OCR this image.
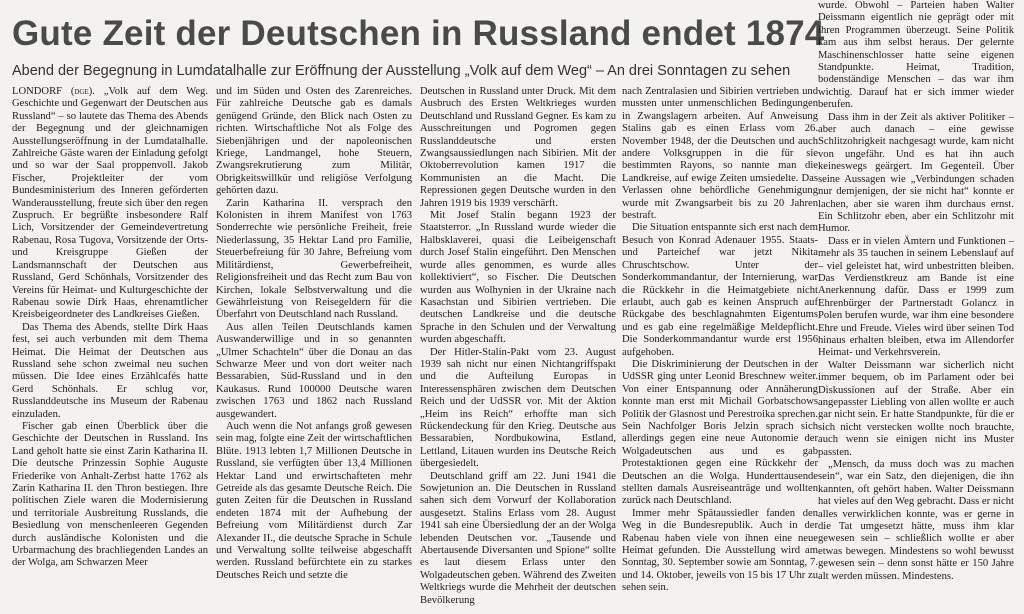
Gute Zeit der Deutschen in Russland endet 1874
Abend der Begegnung in Lumdatalhalle zur Eröffnung der Ausstellung „Volk auf dem Weg“ – An drei Sonntagen zu sehen

LONDORF (dge). „Volk auf dem Weg. Geschichte und Gegenwart der Deutschen aus Russland“ – so lautete das Thema des Abends der Begegnung und der gleichnamigen Ausstellungseröffnung in der Lumdatalhalle. Zahlreiche Gäste waren der Einladung gefolgt und so war der Saal proppenvoll. Jakob Fischer, Projektleiter der vom Bundesministerium des Inneren geförderten Wanderausstellung, freute sich über den regen Zuspruch. Er begrüßte insbesondere Ralf Lich, Vorsitzender der Gemeindevertretung Rabenau, Rosa Tugova, Vorsitzende der Orts- und Kreisgruppe Gießen der Landsmannschaft der Deutschen aus Russland, Gerd Schönhals, Vorsitzender des Vereins für Heimat- und Kulturgeschichte der Rabenau sowie Dirk Haas, ehrenamtlicher Kreisbeigeordneter des Landkreises Gießen.

Das Thema des Abends, stellte Dirk Haas fest, sei auch verbunden mit dem Thema Heimat. Die Heimat der Deutschen aus Russland sehe schon zweimal neu suchen müssen. Die Idee eines Erzählcafés hatte Gerd Schönhals. Er schlug vor, Russlanddeutsche ins Museum der Rabenau einzuladen.

Fischer gab einen Überblick über die Geschichte der Deutschen in Russland. Ins Land geholt hatte sie einst Zarin Katharina II. Die deutsche Prinzessin Sophie Auguste Friederike von Anhalt-Zerbst hatte 1762 als Zarin Katharina II. den Thron bestiegen. Ihre politischen Ziele waren die Modernisierung und territoriale Ausbreitung Russlands, die Besiedlung von menschenleeren Gegenden durch ausländische Kolonisten und die Urbarmachung des brachliegenden Landes an der Wolga, am Schwarzen Meer

und im Süden und Osten des Zarenreiches. Für zahlreiche Deutsche gab es damals genügend Gründe, den Blick nach Osten zu richten. Wirtschaftliche Not als Folge des Siebenjährigen und der napoleonischen Kriege, Landmangel, hohe Steuern, Zwangsrekrutierung zum Militär, Obrigkeitswillkür und religiöse Verfolgung gehörten dazu.

Zarin Katharina II. versprach den Kolonisten in ihrem Manifest von 1763 Sonderrechte wie persönliche Freiheit, freie Niederlassung, 35 Hektar Land pro Familie, Steuerbefreiung für 30 Jahre, Befreiung vom Militärdienst, Gewerbefreiheit, Religionsfreiheit und das Recht zum Bau von Kirchen, lokale Selbstverwaltung und die Gewährleistung von Reisegeldern für die Überfahrt von Deutschland nach Russland.

Aus allen Teilen Deutschlands kamen Auswanderwillige und in so genannten „Ulmer Schachteln“ über die Donau an das Schwarze Meer und von dort weiter nach Bessarabien, Süd-Russland und in den Kaukasus. Rund 100000 Deutsche waren zwischen 1763 und 1862 nach Russland ausgewandert.

Auch wenn die Not anfangs groß gewesen sein mag, folgte eine Zeit der wirtschaftlichen Blüte. 1913 lebten 1,7 Millionen Deutsche in Russland, sie verfügten über 13,4 Millionen Hektar Land und erwirtschafteten mehr Getreide als das gesamte Deutsche Reich. Die guten Zeiten für die Deutschen in Russland endeten 1874 mit der Aufhebung der Befreiung vom Militärdienst durch Zar Alexander II., die deutsche Sprache in Schule und Verwaltung sollte teilweise abgeschafft werden. Russland befürchtete ein zu starkes Deutsches Reich und setzte die

Deutschen in Russland unter Druck. Mit dem Ausbruch des Ersten Weltkrieges wurden Deutschland und Russland Gegner. Es kam zu Ausschreitungen und Pogromen gegen Russlanddeutsche und ersten Zwangsaussiedlungen nach Sibirien. Mit der Oktoberrevolution kamen 1917 die Kommunisten an die Macht. Die Repressionen gegen Deutsche wurden in den Jahren 1919 bis 1939 verschärft.

Mit Josef Stalin begann 1923 der Staatsterror. „In Russland wurde wieder die Halbsklaverei, quasi die Leibeigenschaft durch Josef Stalin eingeführt. Den Menschen wurde alles genommen, es wurde alles kollektiviert“, so Fischer. Die Deutschen wurden aus Wolhynien in der Ukraine nach Kasachstan und Sibirien vertrieben. Die deutschen Landkreise und die deutsche Sprache in den Schulen und der Verwaltung wurden abgeschafft.

Der Hitler-Stalin-Pakt vom 23. August 1939 sah nicht nur einen Nichtangriffspakt und die Aufteilung Europas in Interessensphären zwischen dem Deutschen Reich und der UdSSR vor. Mit der Aktion „Heim ins Reich“ erhoffte man sich Rückendeckung für den Krieg. Deutsche aus Bessarabien, Nordbukowina, Estland, Lettland, Litauen wurden ins Deutsche Reich übergesiedelt.

Deutschland griff am 22. Juni 1941 die Sowjetunion an. Die Deutschen in Russland sahen sich dem Vorwurf der Kollaboration ausgesetzt. Stalins Erlass vom 28. August 1941 sah eine Übersiedlung der an der Wolga lebenden Deutschen vor. „Tausende und Abertausende Diversanten und Spione“ sollte es laut diesem Erlass unter den Wolgadeutschen geben. Während des Zweiten Weltkriegs wurde die Mehrheit der deutschen Bevölkerung

nach Zentralasien und Sibirien vertrieben und mussten unter unmenschlichen Bedingungen in Zwangslagern arbeiten. Auf Anweisung Stalins gab es einen Erlass vom 26. November 1948, der die Deutschen und auch andere Volksgruppen in die für sie bestimmten Rayons, so nannte man die Landkreise, auf ewige Zeiten umsiedelte. Das Verlassen ohne behördliche Genehmigung wurde mit Zwangsarbeit bis zu 20 Jahren bestraft.

Die Situation entspannte sich erst nach dem Besuch von Konrad Adenauer 1955. Staats- und Parteichef war jetzt Nikita Chruschtschow. Unter der Sonderkommandantur, der Internierung, war die Rückkehr in die Heimatgebiete nicht erlaubt, auch gab es keinen Anspruch auf Rückgabe des beschlagnahmten Eigentums und es gab eine regelmäßige Meldepflicht. Die Sonderkommandantur wurde erst 1956 aufgehoben.

Die Diskriminierung der Deutschen in der UdSSR ging unter Leonid Breschnew weiter. Von einer Entspannung oder Annäherung konnte man erst mit Michail Gorbatschows Politik der Glasnost und Perestroika sprechen. Sein Nachfolger Boris Jelzin sprach sich allerdings gegen eine neue Autonomie der Wolgadeutschen aus und es gab Protestaktionen gegen eine Rückkehr der Deutschen an die Wolga. Hunderttausende stellten damals Ausreiseanträge und wollten zurück nach Deutschland.

Immer mehr Spätaussiedler fanden den Weg in die Bundesrepublik. Auch in der Rabenau haben viele von ihnen eine neue Heimat gefunden. Die Ausstellung wird am Sonntag, 30. September sowie am Sonntag, 7. und 14. Oktober, jeweils von 15 bis 17 Uhr zu sehen sein.

wurde. Obwohl – Parteien haben Walter Deissmann eigentlich nie geprägt oder mit ihren Programmen überzeugt. Seine Politik kam aus ihm selbst heraus. Der gelernte Maschinenschlosser hatte seine eigenen Standpunkte. Heimat, Tradition, bodenständige Menschen – das war ihm wichtig. Darauf hat er sich immer wieder berufen.

Dass ihm in der Zeit als aktiver Politiker – aber auch danach – eine gewisse Schlitzohrigkeit nachgesagt wurde, kam nicht von ungefähr. Und es hat ihn auch keineswegs geärgert. Im Gegenteil. Über seine Aussagen wie „Verbindungen schaden nur demjenigen, der sie nicht hat“ konnte er lachen, aber sie waren ihm durchaus ernst. Ein Schlitzohr eben, aber ein Schlitzohr mit Humor.

Dass er in vielen Ämtern und Funktionen – mehr als 35 tauchen in seinem Lebenslauf auf – viel geleistet hat, wird unbestritten bleiben. Das Verdienstkreuz am Bande ist eine Anerkennung dafür. Dass er 1999 zum Ehrenbürger der Partnerstadt Golancz in Polen berufen wurde, war ihm eine besondere Ehre und Freude. Vieles wird über seinen Tod hinaus erhalten bleiben, etwa im Allendorfer Heimat- und Verkehrsverein.

Walter Deissmann war sicherlich nicht immer bequem, ob im Parlament oder bei Diskussionen auf der Straße. Aber ein angepasster Liebling von allen wollte er auch gar nicht sein. Er hatte Standpunkte, für die er sich nicht verstecken wollte noch brauchte, auch wenn sie einigen nicht ins Muster passten.

„Mensch, da muss doch was zu machen sein“, war ein Satz, den diejenigen, die ihn kannten, oft gehört haben. Walter Deissmann hat vieles auf den Weg gebracht. Dass er nicht alles verwirklichen konnte, was er gerne in die Tat umgesetzt hätte, muss ihm klar gewesen sein – schließlich wollte er aber etwas bewegen. Mindestens so wohl bewusst gewesen sein – denn sonst hätte er 150 Jahre alt werden müssen. Mindestens.
